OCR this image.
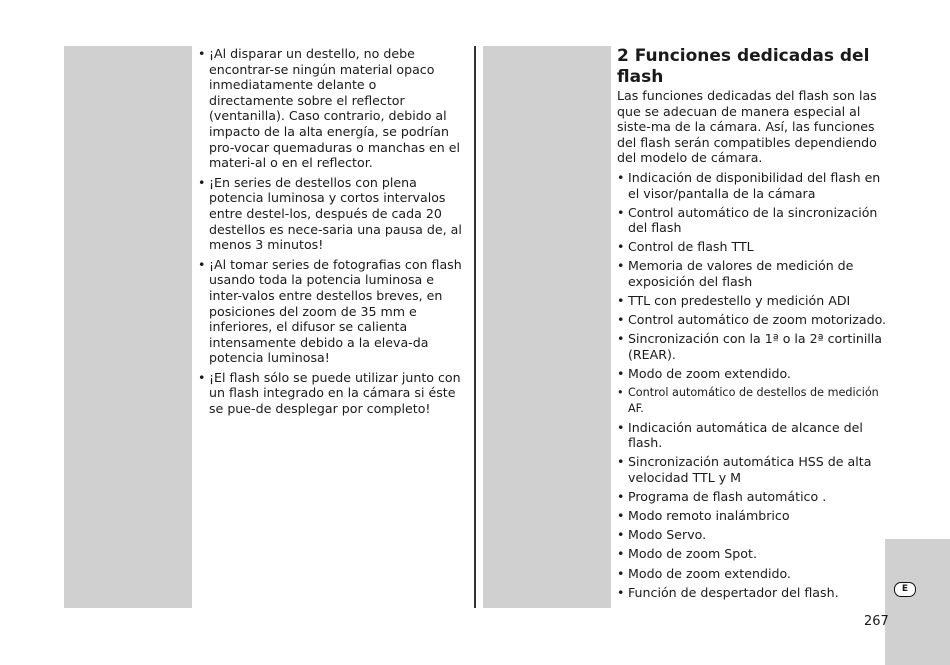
• ¡Al disparar un destello, no debe encontrar-se ningún material opaco inmediatamente delante o directamente sobre el reflector (ventanilla). Caso contrario, debido al impacto de la alta energía, se podrían pro-vocar quemaduras o manchas en el materi-al o en el reflector.
• ¡En series de destellos con plena potencia luminosa y cortos intervalos entre destel-los, después de cada 20 destellos es nece-saria una pausa de, al menos 3 minutos!
• ¡Al tomar series de fotograﬁas con flash usando toda la potencia luminosa e inter-valos entre destellos breves, en posiciones del zoom de 35 mm e inferiores, el difusor se calienta intensamente debido a la eleva-da potencia luminosa!
• ¡El flash sólo se puede utilizar junto con un flash integrado en la cámara si éste se pue-de desplegar por completo!
2 Funciones dedicadas del flash

Las funciones dedicadas del flash son las que se adecuan de manera especial al siste-ma de la cámara. Así, las funciones del flash serán compatibles dependiendo del modelo de cámara.

• Indicación de disponibilidad del flash en el visor/pantalla de la cámara
• Control automático de la sincronización del flash
• Control de flash TTL
• Memoria de valores de medición de exposición del flash
• TTL con predestello y medición ADI
• Control automático de zoom motorizado.
• Sincronización con la 1ª o la 2ª cortinilla (REAR).
• Modo de zoom extendido.
• Control automático de destellos de medición AF.
• Indicación automática de alcance del flash.
• Sincronización automática HSS de alta velocidad TTL y M
• Programa de flash automático .
• Modo remoto inalámbrico
• Modo Servo.
• Modo de zoom Spot.
• Modo de zoom extendido.
• Función de despertador del flash.	E
267
